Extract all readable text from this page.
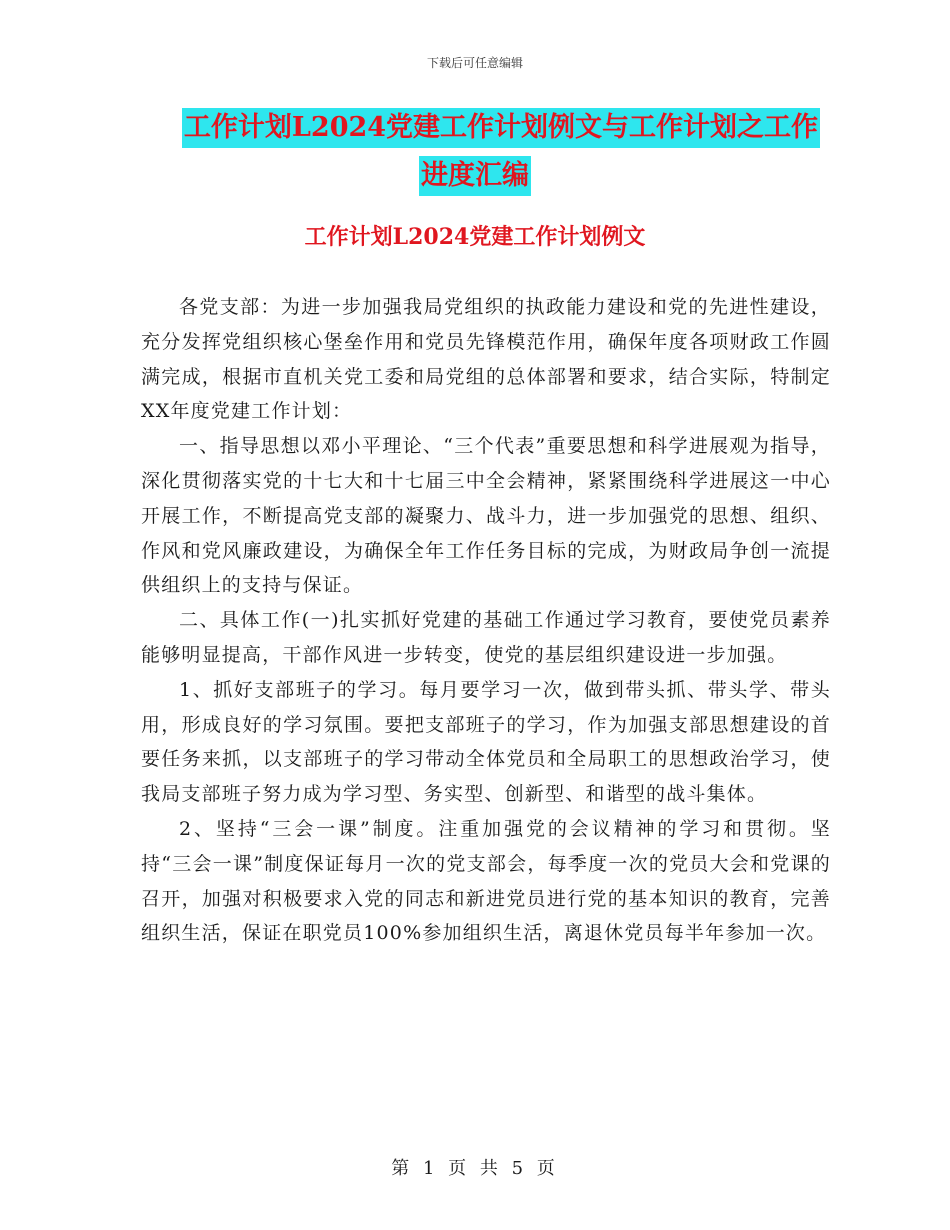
下载后可任意编辑
工作计划L2024党建工作计划例文与工作计划之工作
进度汇编
工作计划L2024党建工作计划例文

各党支部：为进一步加强我局党组织的执政能力建设和党的先进性建设，充分发挥党组织核心堡垒作用和党员先锋模范作用，确保年度各项财政工作圆满完成，根据市直机关党工委和局党组的总体部署和要求，结合实际，特制定XX年度党建工作计划：

一、指导思想以邓小平理论、“三个代表”重要思想和科学进展观为指导，深化贯彻落实党的十七大和十七届三中全会精神，紧紧围绕科学进展这一中心开展工作，不断提高党支部的凝聚力、战斗力，进一步加强党的思想、组织、作风和党风廉政建设，为确保全年工作任务目标的完成，为财政局争创一流提供组织上的支持与保证。

二、具体工作(一)扎实抓好党建的基础工作通过学习教育，要使党员素养能够明显提高，干部作风进一步转变，使党的基层组织建设进一步加强。

1、抓好支部班子的学习。每月要学习一次，做到带头抓、带头学、带头用，形成良好的学习氛围。要把支部班子的学习，作为加强支部思想建设的首要任务来抓，以支部班子的学习带动全体党员和全局职工的思想政治学习，使我局支部班子努力成为学习型、务实型、创新型、和谐型的战斗集体。

2、坚持“三会一课”制度。注重加强党的会议精神的学习和贯彻。坚持“三会一课”制度保证每月一次的党支部会，每季度一次的党员大会和党课的召开，加强对积极要求入党的同志和新进党员进行党的基本知识的教育，完善组织生活，保证在职党员100%参加组织生活，离退休党员每半年参加一次。

第 1 页 共 5 页
